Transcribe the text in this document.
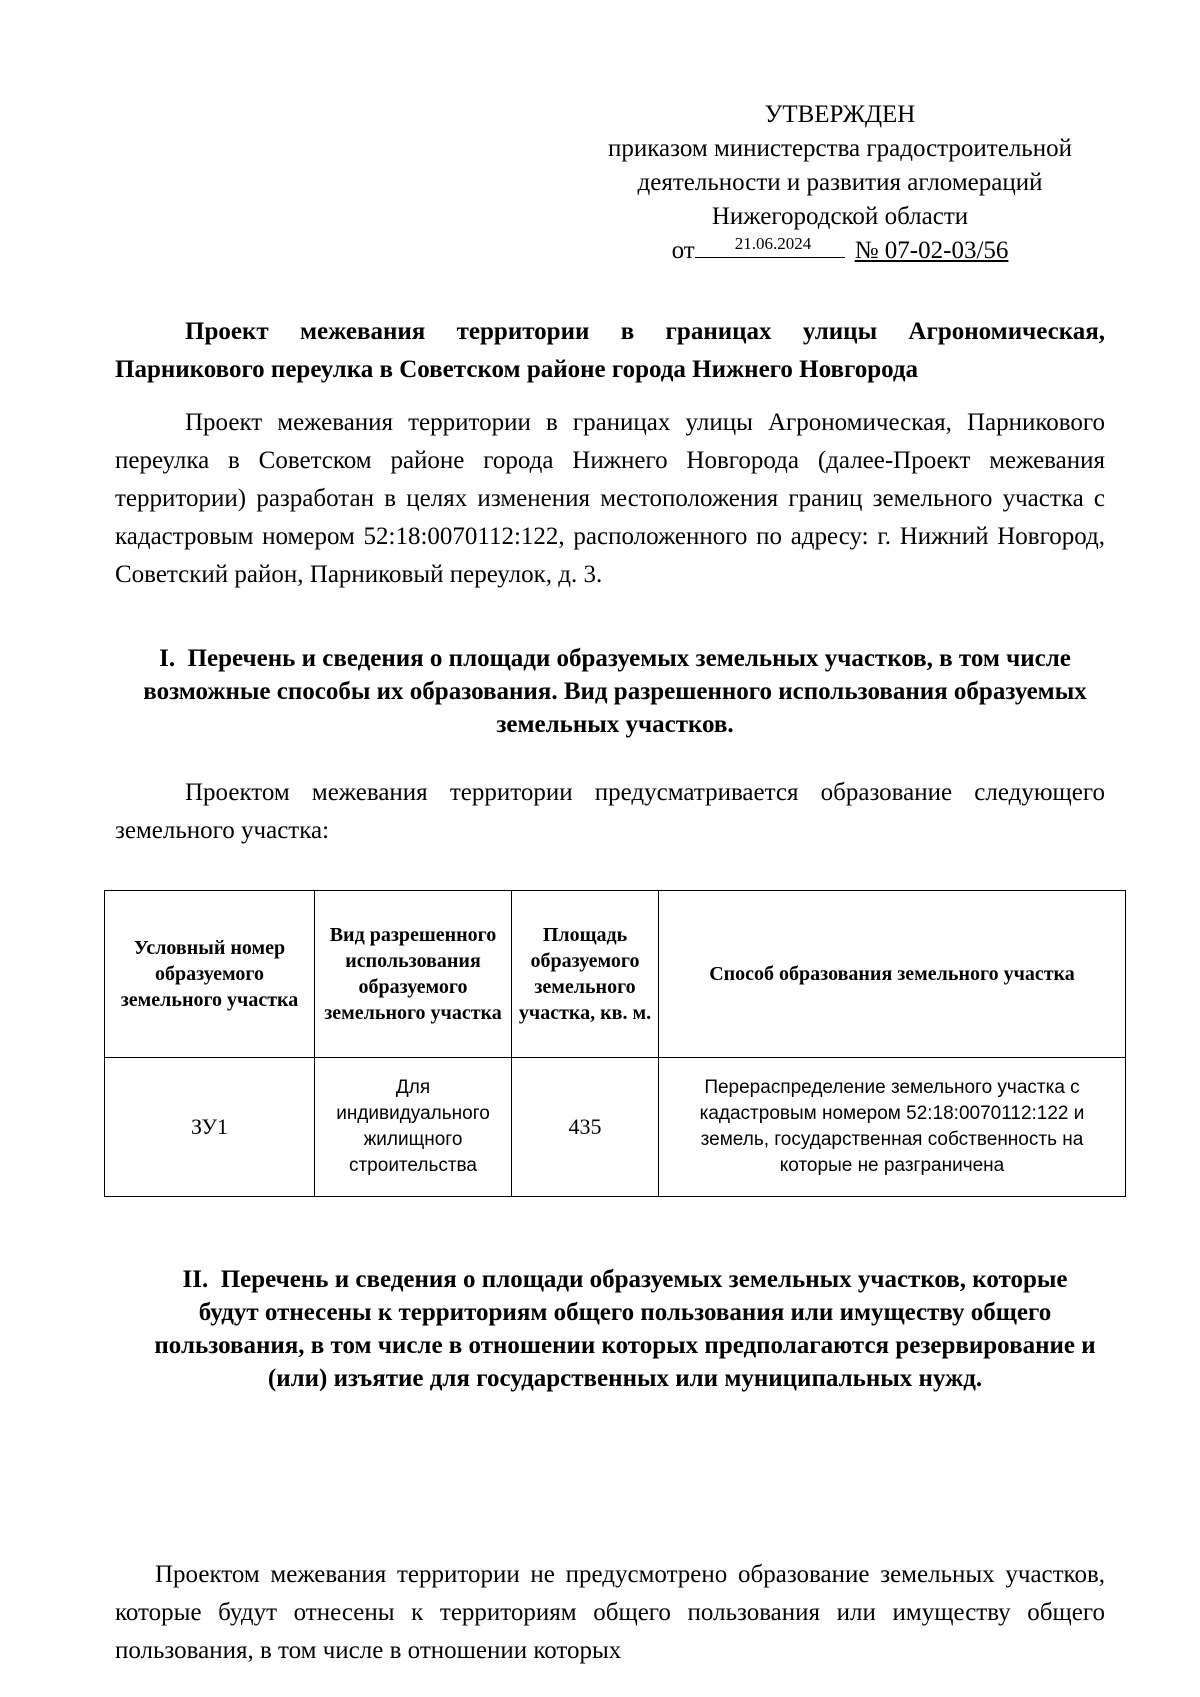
УТВЕРЖДЕН
приказом министерства градостроительной
деятельности и развития агломераций
Нижегородской области
от 21.06.2024 № 07-02-03/56
Проект межевания территории в границах улицы Агрономическая, Парникового переулка в Советском районе города Нижнего Новгорода
Проект межевания территории в границах улицы Агрономическая, Парникового переулка в Советском районе города Нижнего Новгорода (далее-Проект межевания территории) разработан в целях изменения местоположения границ земельного участка с кадастровым номером 52:18:0070112:122, расположенного по адресу: г. Нижний Новгород, Советский район, Парниковый переулок, д. 3.
I. Перечень и сведения о площади образуемых земельных участков, в том числе возможные способы их образования. Вид разрешенного использования образуемых земельных участков.
Проектом межевания территории предусматривается образование следующего земельного участка:
Условный номер образуемого земельного участка	Вид разрешенного использования образуемого земельного участка	Площадь образуемого земельного участка, кв. м.	Способ образования земельного участка
ЗУ1	Для индивидуального жилищного строительства	435	Перераспределение земельного участка с кадастровым номером 52:18:0070112:122 и земель, государственная собственность на которые не разграничена
II. Перечень и сведения о площади образуемых земельных участков, которые будут отнесены к территориям общего пользования или имуществу общего пользования, в том числе в отношении которых предполагаются резервирование и (или) изъятие для государственных или муниципальных нужд.
Проектом межевания территории не предусмотрено образование земельных участков, которые будут отнесены к территориям общего пользования или имуществу общего пользования, в том числе в отношении которых
